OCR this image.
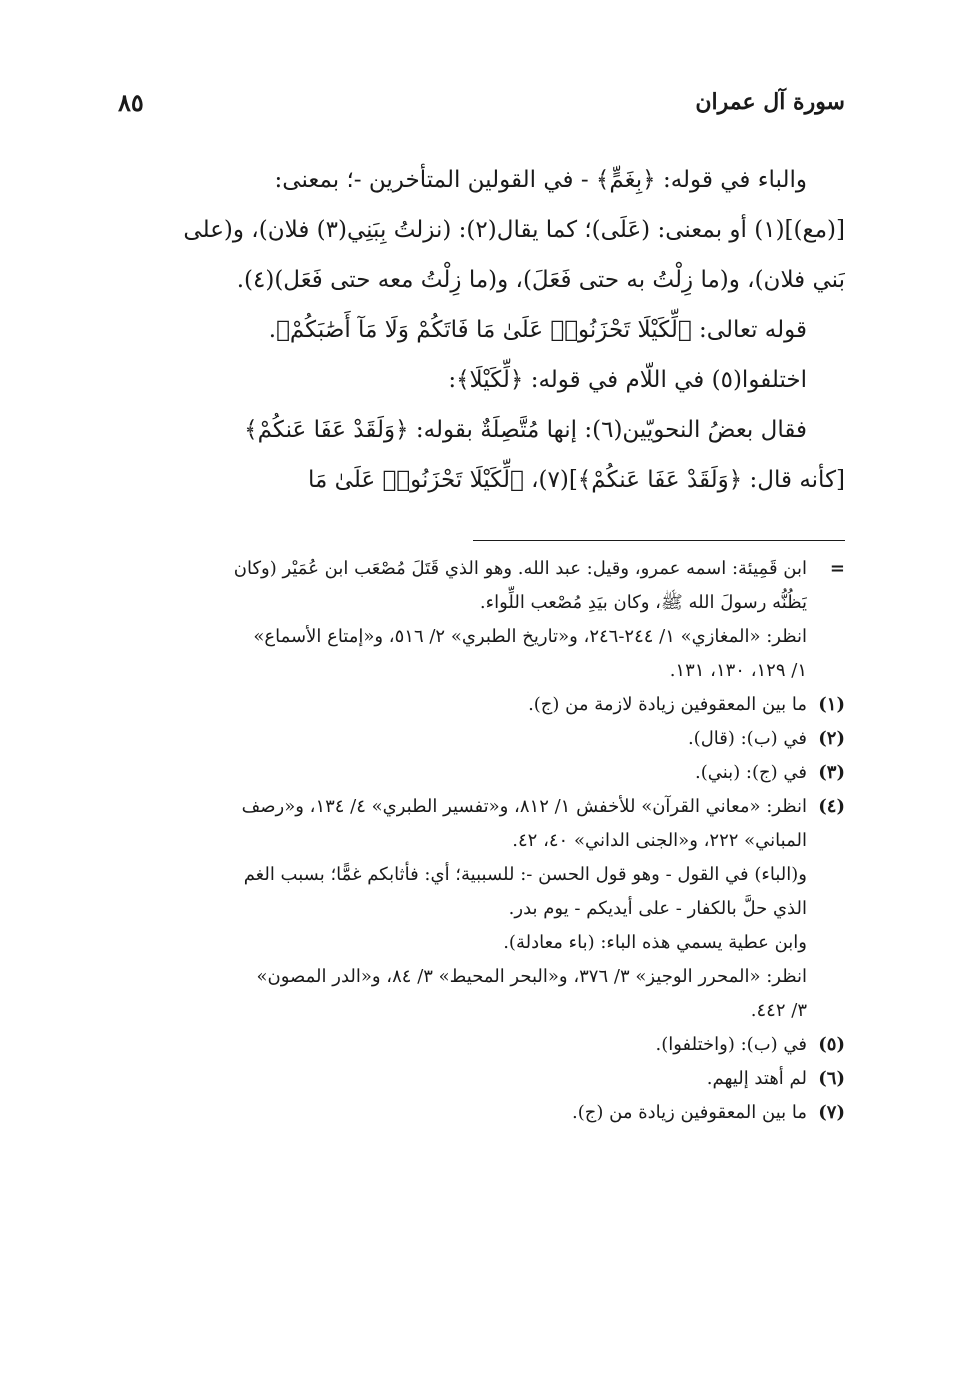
سورة آل عمران
٨٥

والباء في قوله: ﴿بِغَمٍّ﴾ - في القولين المتأخرين -؛ بمعنى:

[(مع)](١) أو بمعنى: (عَلَى)؛ كما يقال(٢): (نزلتُ بِبَنِي(٣) فلان)، و(على

بَني فلان)، و(ما زِلْتُ به حتى فَعَلَ)، و(ما زِلْتُ معه حتى فَعَل)(٤).

قوله تعالى: ﴿لِّكَيْلَا تَحْزَنُوا۟ عَلَىٰ مَا فَاتَكُمْ وَلَا مَآ أَصَٰبَكُمْ﴾.

اختلفوا(٥) في اللّام في قوله: ﴿لِّكَيْلَا﴾:

فقال بعضُ النحويّين(٦): إنها مُتَّصِلَةٌ بقوله: ﴿وَلَقَدْ عَفَا عَنكُمْ﴾

[كأنه قال: ﴿وَلَقَدْ عَفَا عَنكُمْ﴾](٧)، ﴿لِّكَيْلَا تَحْزَنُوا۟ عَلَىٰ مَا

=
ابن قَمِيئة: اسمه عمرو، وقيل: عبد الله. وهو الذي قَتَلَ مُصْعَب ابن عُمَيْر (وكان
يَظُنُّه رسولَ الله ﷺ، وكان بيَدِ مُصْعب اللِّواء.
انظر: «المغازي» ١/ ٢٤٤-٢٤٦، و«تاريخ الطبري» ٢/ ٥١٦، و«إمتاع الأسماع»
١/ ١٢٩، ١٣٠، ١٣١.
(١)
ما بين المعقوفين زيادة لازمة من (ج).
(٢)
في (ب): (قال).
(٣)
في (ج): (بني).
(٤)
انظر: «معاني القرآن» للأخفش ١/ ٨١٢، و«تفسير الطبري» ٤/ ١٣٤، و«رصف
المباني» ٢٢٢، و«الجنى الداني» ٤٠، ٤٢.
و(الباء) في القول - وهو قول الحسن -: للسببية؛ أي: فأثابكم غمًّا؛ بسبب الغم
الذي حلَّ بالكفار - على أيديكم - يوم بدر.
وابن عطية يسمي هذه الباء: (باء معادلة).
انظر: «المحرر الوجيز» ٣/ ٣٧٦، و«البحر المحيط» ٣/ ٨٤، و«الدر المصون»
٣/ ٤٤٢.
(٥)
في (ب): (واختلفوا).
(٦)
لم أهتد إليهم.
(٧)
ما بين المعقوفين زيادة من (ج).
